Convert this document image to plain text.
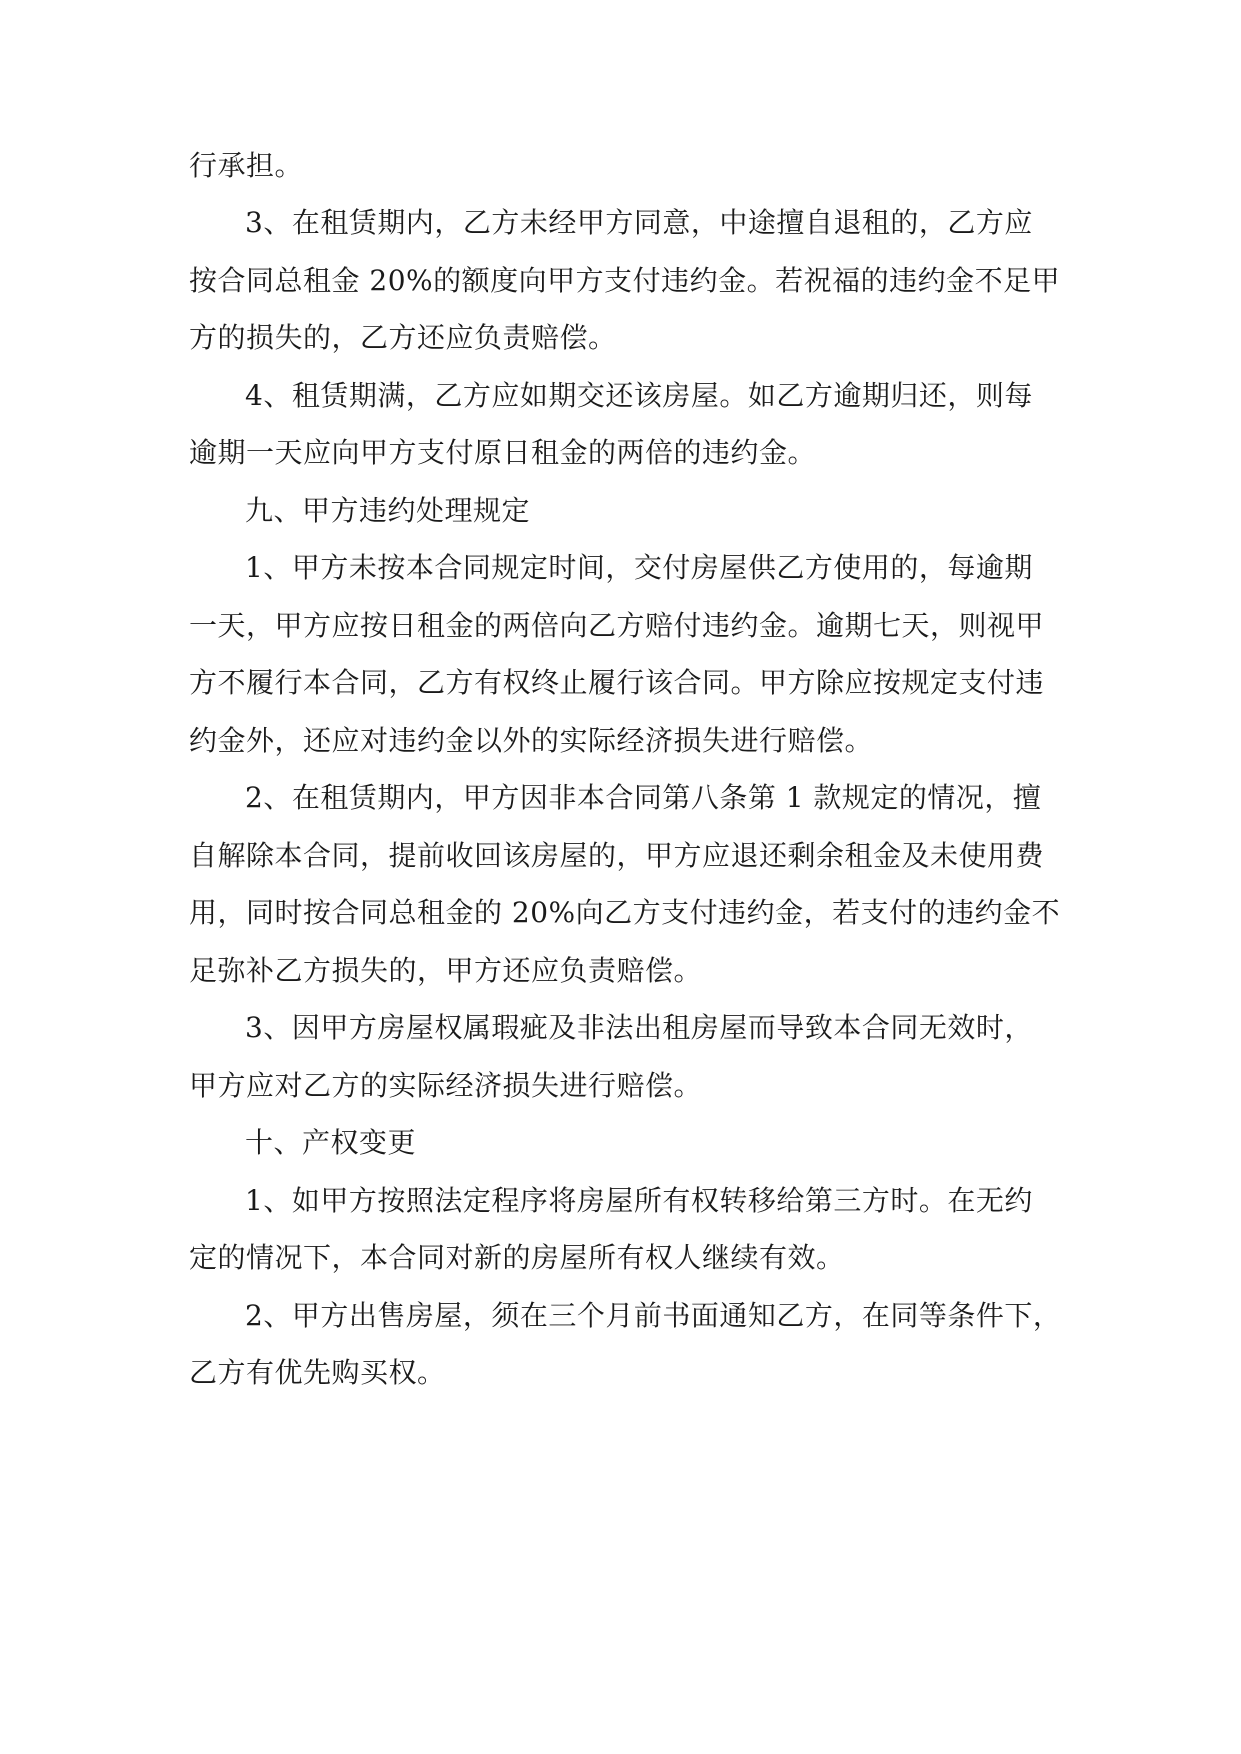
行承担。
3、在租赁期内，乙方未经甲方同意，中途擅自退租的，乙方应
按合同总租金 20%的额度向甲方支付违约金。若祝福的违约金不足甲
方的损失的，乙方还应负责赔偿。
4、租赁期满，乙方应如期交还该房屋。如乙方逾期归还，则每
逾期一天应向甲方支付原日租金的两倍的违约金。
九、甲方违约处理规定
1、甲方未按本合同规定时间，交付房屋供乙方使用的，每逾期
一天，甲方应按日租金的两倍向乙方赔付违约金。逾期七天，则视甲
方不履行本合同，乙方有权终止履行该合同。甲方除应按规定支付违
约金外，还应对违约金以外的实际经济损失进行赔偿。
2、在租赁期内，甲方因非本合同第八条第 1 款规定的情况，擅
自解除本合同，提前收回该房屋的，甲方应退还剩余租金及未使用费
用，同时按合同总租金的 20%向乙方支付违约金，若支付的违约金不
足弥补乙方损失的，甲方还应负责赔偿。
3、因甲方房屋权属瑕疵及非法出租房屋而导致本合同无效时，
甲方应对乙方的实际经济损失进行赔偿。
十、产权变更
1、如甲方按照法定程序将房屋所有权转移给第三方时。在无约
定的情况下，本合同对新的房屋所有权人继续有效。
2、甲方出售房屋，须在三个月前书面通知乙方，在同等条件下，
乙方有优先购买权。
